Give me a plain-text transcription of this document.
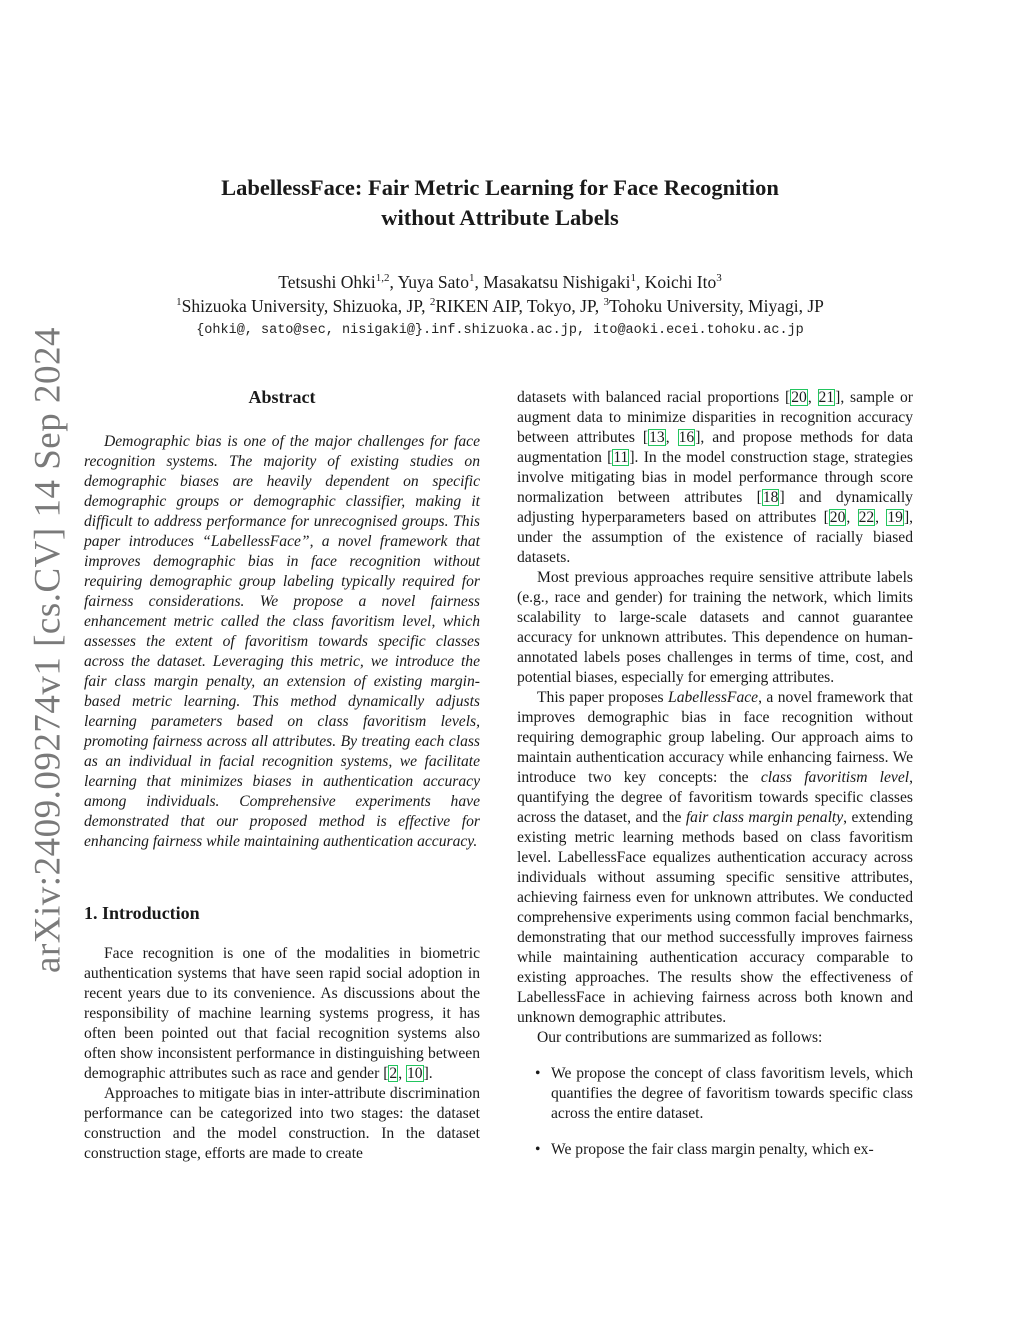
arXiv:2409.09274v1 [cs.CV] 14 Sep 2024
LabellessFace: Fair Metric Learning for Face Recognition
without Attribute Labels
Tetsushi Ohki$^{1,2}$, Yuya Sato$^1$, Masakatsu Nishigaki$^1$, Koichi Ito$^3$
$^1$Shizuoka University, Shizuoka, JP, $^2$RIKEN AIP, Tokyo, JP, $^3$Tohoku University, Miyagi, JP
{ohki@, sato@sec, nisigaki@}.inf.shizuoka.ac.jp, ito@aoki.ecei.tohoku.ac.jp
Abstract

Demographic bias is one of the major challenges for face recognition systems. The majority of existing studies on demographic biases are heavily dependent on specific demographic groups or demographic classifier, making it difficult to address performance for unrecognised groups. This paper introduces “LabellessFace”, a novel framework that improves demographic bias in face recognition without requiring demographic group labeling typically required for fairness considerations. We propose a novel fairness enhancement metric called the class favoritism level, which assesses the extent of favoritism towards specific classes across the dataset. Leveraging this metric, we introduce the fair class margin penalty, an extension of existing margin-based metric learning. This method dynamically adjusts learning parameters based on class favoritism levels, promoting fairness across all attributes. By treating each class as an individual in facial recognition systems, we facilitate learning that minimizes biases in authentication accuracy among individuals. Comprehensive experiments have demonstrated that our proposed method is effective for enhancing fairness while maintaining authentication accuracy.

1. Introduction

Face recognition is one of the modalities in biometric authentication systems that have seen rapid social adoption in recent years due to its convenience. As discussions about the responsibility of machine learning systems progress, it has often been pointed out that facial recognition systems also often show inconsistent performance in distinguishing between demographic attributes such as race and gender [2, 10].

Approaches to mitigate bias in inter-attribute discrimination performance can be categorized into two stages: the dataset construction and the model construction. In the dataset construction stage, efforts are made to create

datasets with balanced racial proportions [20, 21], sample or augment data to minimize disparities in recognition accuracy between attributes [13, 16], and propose methods for data augmentation [11]. In the model construction stage, strategies involve mitigating bias in model performance through score normalization between attributes [18] and dynamically adjusting hyperparameters based on attributes [20, 22, 19], under the assumption of the existence of racially biased datasets.

Most previous approaches require sensitive attribute labels (e.g., race and gender) for training the network, which limits scalability to large-scale datasets and cannot guarantee accuracy for unknown attributes. This dependence on human-annotated labels poses challenges in terms of time, cost, and potential biases, especially for emerging attributes.

This paper proposes LabellessFace, a novel framework that improves demographic bias in face recognition without requiring demographic group labeling. Our approach aims to maintain authentication accuracy while enhancing fairness. We introduce two key concepts: the class favoritism level, quantifying the degree of favoritism towards specific classes across the dataset, and the fair class margin penalty, extending existing metric learning methods based on class favoritism level. LabellessFace equalizes authentication accuracy across individuals without assuming specific sensitive attributes, achieving fairness even for unknown attributes. We conducted comprehensive experiments using common facial benchmarks, demonstrating that our method successfully improves fairness while maintaining authentication accuracy comparable to existing approaches. The results show the effectiveness of LabellessFace in achieving fairness across both known and unknown demographic attributes.

Our contributions are summarized as follows:

• We propose the concept of class favoritism levels, which quantifies the degree of favoritism towards specific class across the entire dataset.
• We propose the fair class margin penalty, which ex-
